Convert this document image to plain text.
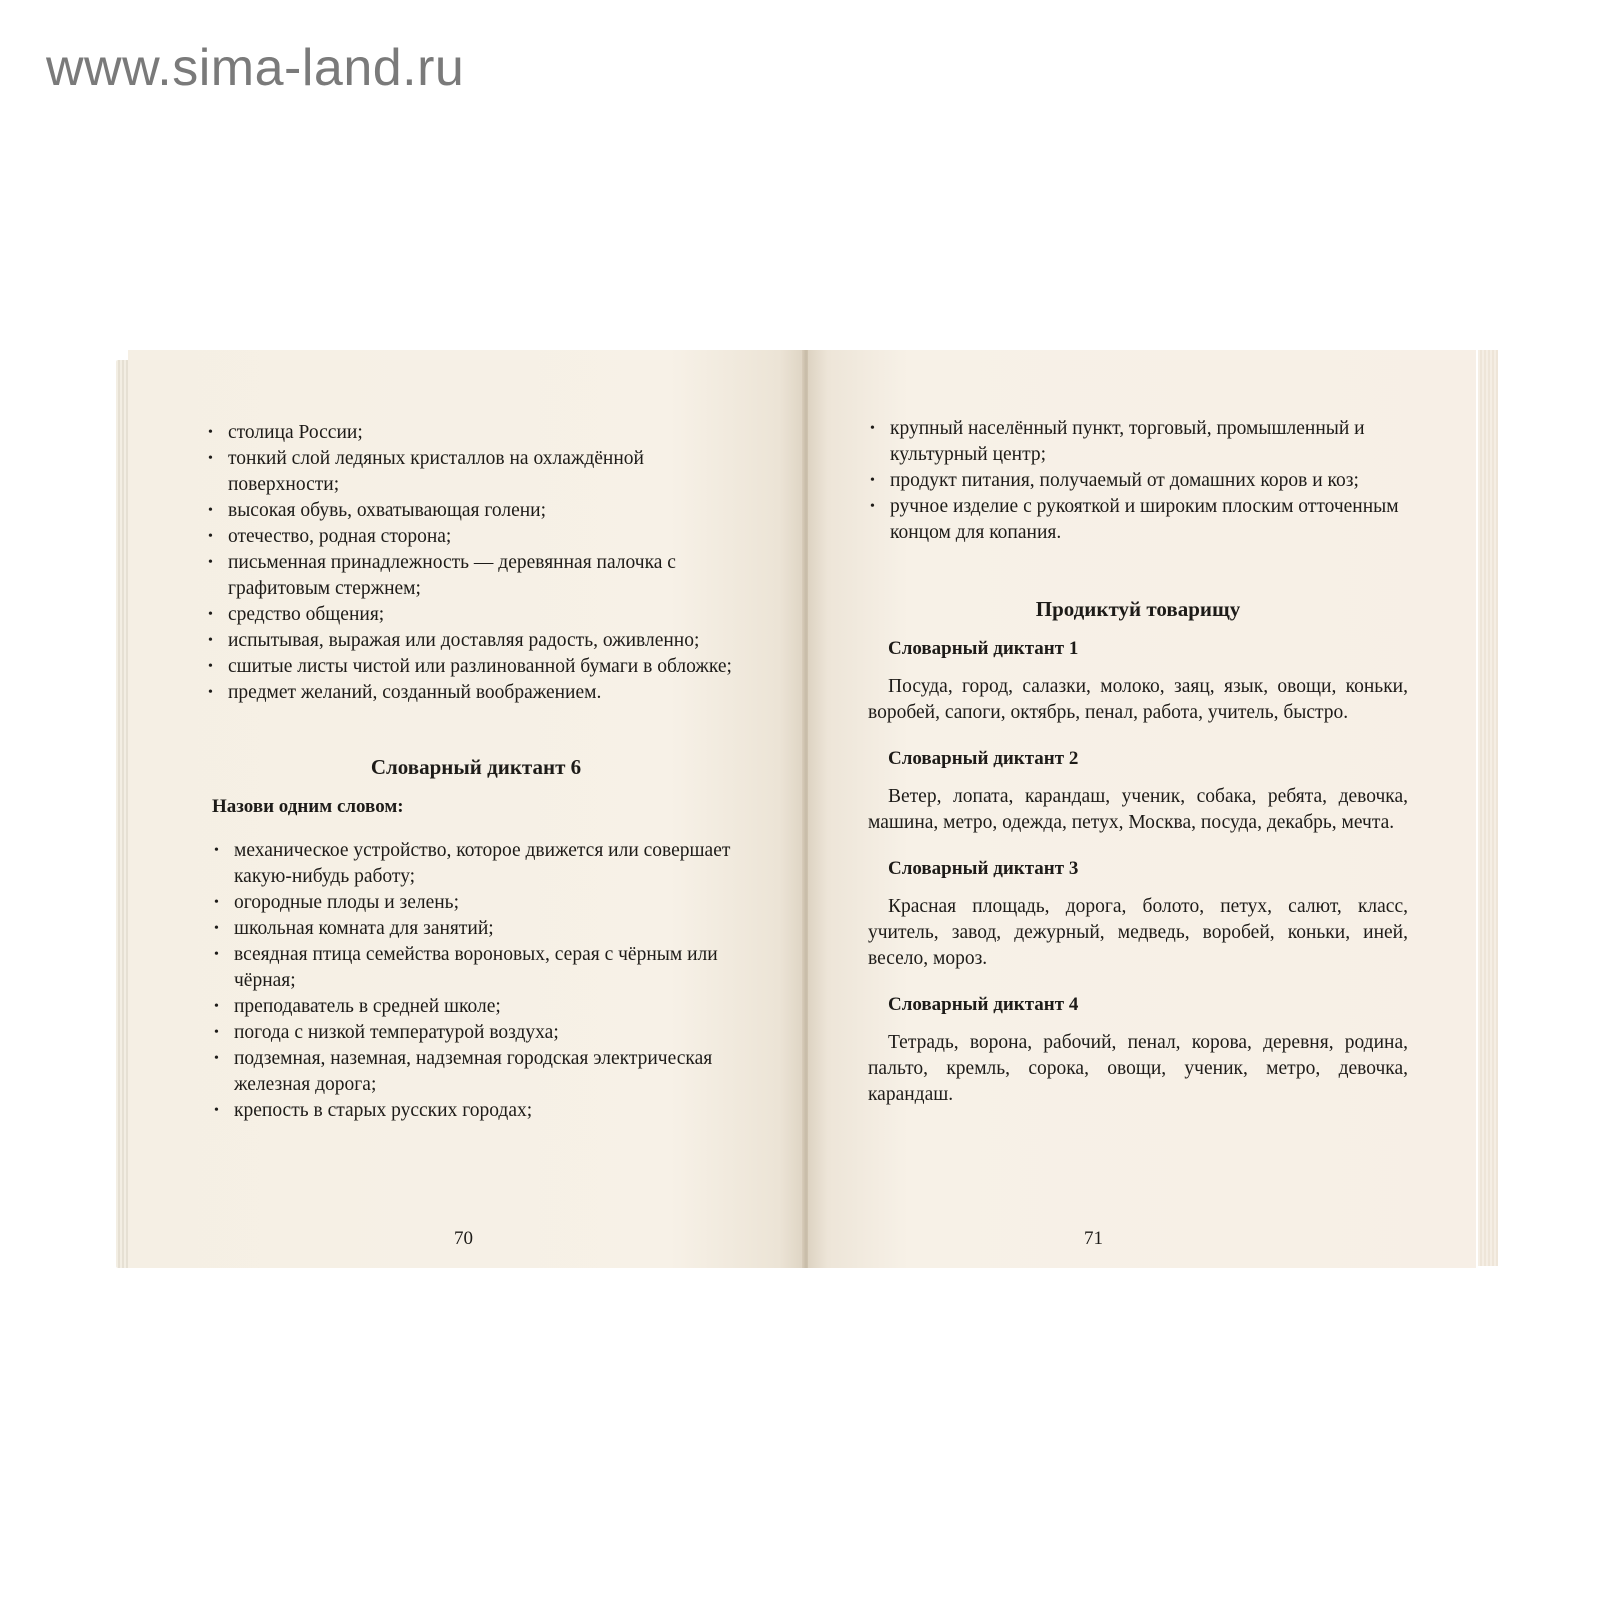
www.sima-land.ru
• столица России;
• тонкий слой ледяных кристаллов на охлаждённой поверхности;
• высокая обувь, охватывающая голени;
• отечество, родная сторона;
• письменная принадлежность — деревянная палочка с графитовым стержнем;
• средство общения;
• испытывая, выражая или доставляя радость, оживленно;
• сшитые листы чистой или разлинованной бумаги в обложке;
• предмет желаний, созданный воображением.
Словарный диктант 6
Назови одним словом:
• механическое устройство, которое движется или совершает какую-нибудь работу;
• огородные плоды и зелень;
• школьная комната для занятий;
• всеядная птица семейства вороновых, серая с чёрным или чёрная;
• преподаватель в средней школе;
• погода с низкой температурой воздуха;
• подземная, наземная, надземная городская электрическая железная дорога;
• крепость в старых русских городах;
70
• крупный населённый пункт, торговый, промышленный и культурный центр;
• продукт питания, получаемый от домашних коров и коз;
• ручное изделие с рукояткой и широким плоским отточенным концом для копания.
Продиктуй товарищу
Словарный диктант 1
Посуда, город, салазки, молоко, заяц, язык, овощи, коньки, воробей, сапоги, октябрь, пенал, работа, учитель, быстро.
Словарный диктант 2
Ветер, лопата, карандаш, ученик, собака, ребята, девочка, машина, метро, одежда, петух, Москва, посуда, декабрь, мечта.
Словарный диктант 3
Красная площадь, дорога, болото, петух, салют, класс, учитель, завод, дежурный, медведь, воробей, коньки, иней, весело, мороз.
Словарный диктант 4
Тетрадь, ворона, рабочий, пенал, корова, деревня, родина, пальто, кремль, сорока, овощи, ученик, метро, девочка, карандаш.
71
